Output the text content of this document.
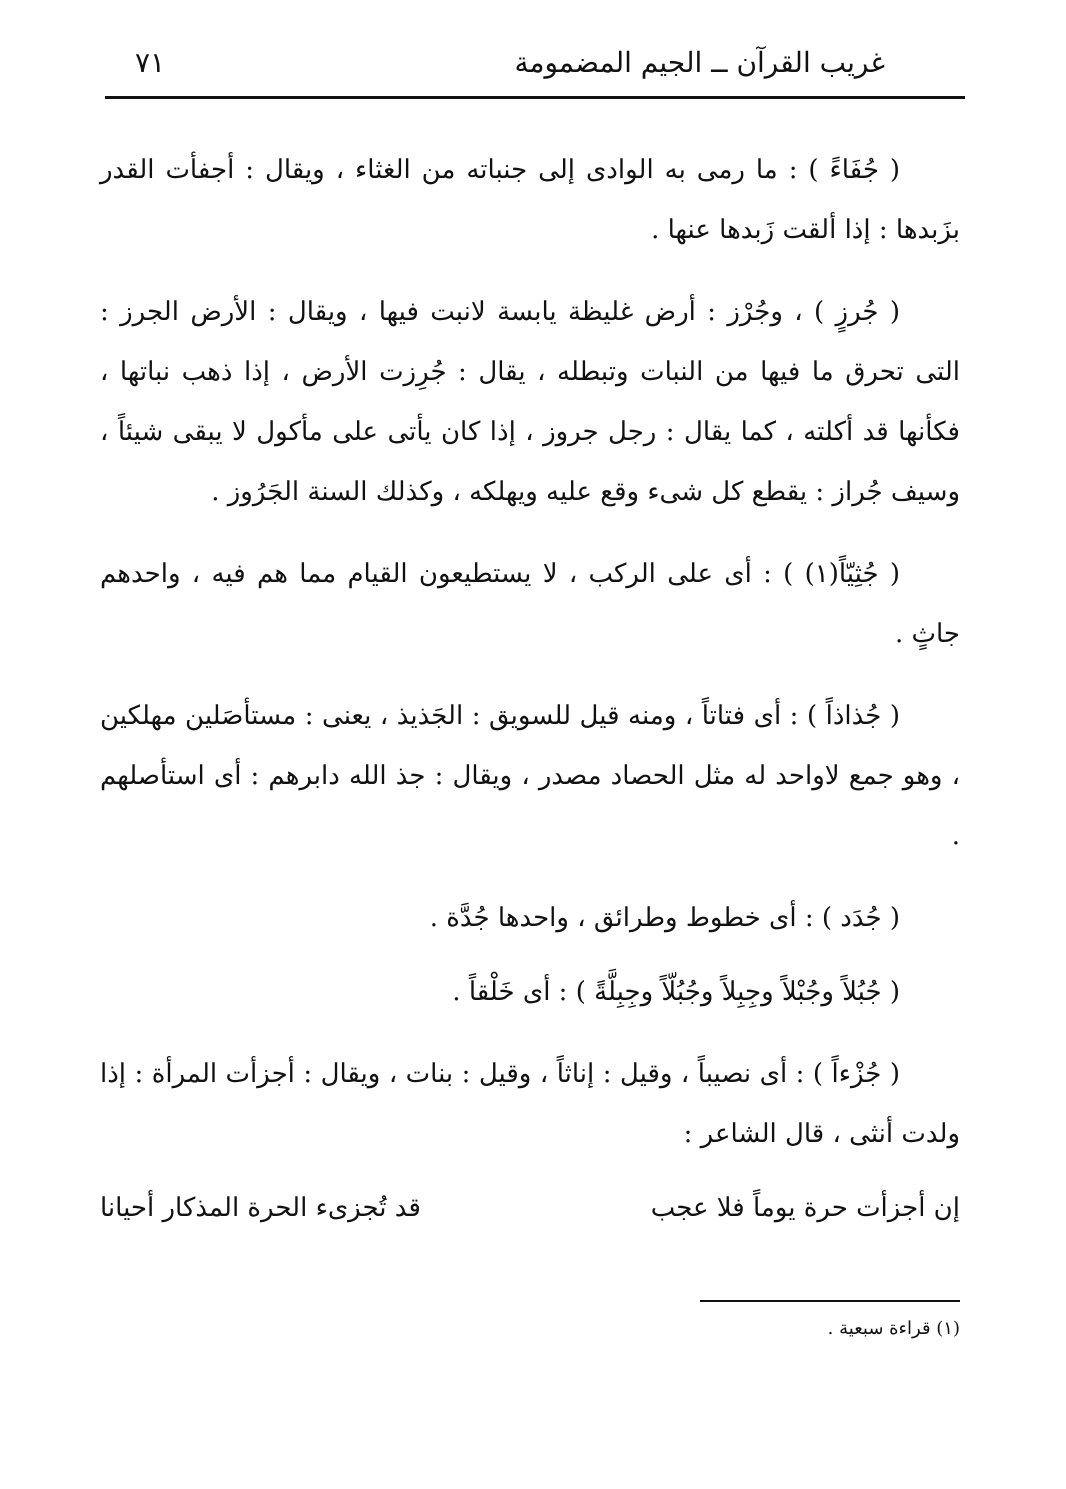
غريب القرآن ــ الجيم المضمومة
٧١

( جُفَاءً ) : ما رمى به الوادى إلى جنباته من الغثاء ، ويقال : أجفأت القدر بزَبدها : إذا ألقت زَبدها عنها .

( جُرزٍ ) ، وجُرْز : أرض غليظة يابسة لانبت فيها ، ويقال : الأرض الجرز : التى تحرق ما فيها من النبات وتبطله ، يقال : جُرِزت الأرض ، إذا ذهب نباتها ، فكأنها قد أكلته ، كما يقال : رجل جروز ، إذا كان يأتى على مأكول لا يبقى شيئاً ، وسيف جُراز : يقطع كل شىء وقع عليه ويهلكه ، وكذلك السنة الجَرُوز .

( جُثِيّاً(١) ) : أى على الركب ، لا يستطيعون القيام مما هم فيه ، واحدهم جاثٍ .

( جُذاذاً ) : أى فتاتاً ، ومنه قيل للسويق : الجَذيذ ، يعنى : مستأصَلين مهلكين ، وهو جمع لاواحد له مثل الحصاد مصدر ، ويقال : جذ الله دابرهم : أى استأصلهم .

( جُدَد ) : أى خطوط وطرائق ، واحدها جُدَّة .

( جُبُلاً وجُبْلاً وجِبِلاً وجُبُلّاً وجِبِلَّةً ) : أى خَلْقاً .

( جُزْءاً ) : أى نصيباً ، وقيل : إناثاً ، وقيل : بنات ، ويقال : أجزأت المرأة : إذا ولدت أنثى ، قال الشاعر :

إن أجزأت حرة يوماً فلا عجب
قد تُجزىء الحرة المذكار أحيانا
(١) قراءة سبعية .
